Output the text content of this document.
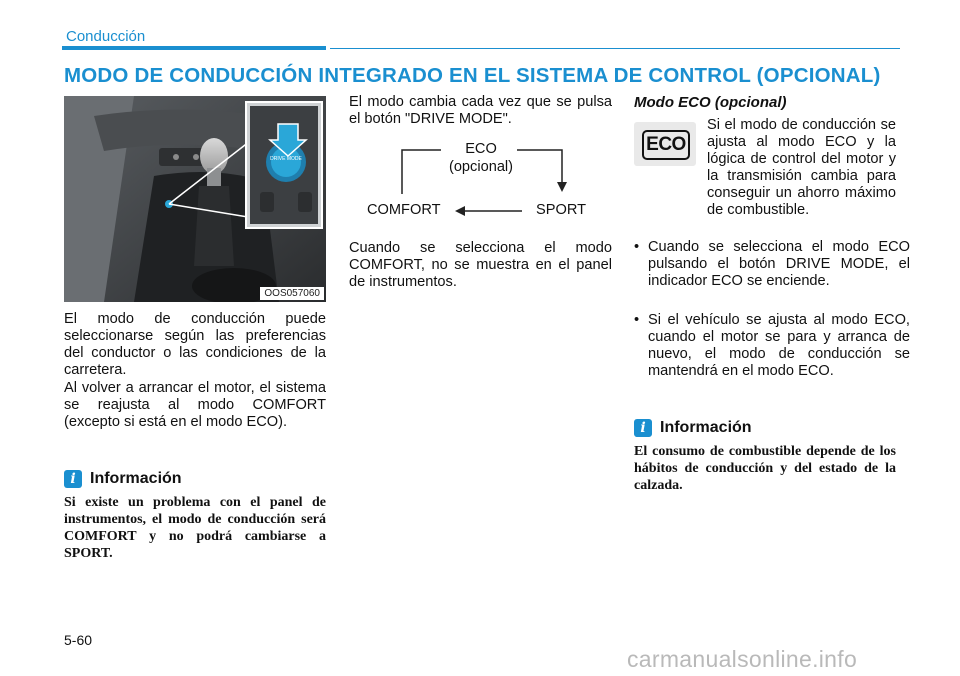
Conducción
MODO DE CONDUCCIÓN INTEGRADO EN EL SISTEMA DE CONTROL (OPCIONAL)
DRIVE MODE
OOS057060

El modo de conducción puede seleccionarse según las preferencias del conductor o las condiciones de la carretera.

Al volver a arrancar el motor, el sistema se reajusta al modo COMFORT (excepto si está en el modo ECO).

i Información

Si existe un problema con el panel de instrumentos, el modo de conducción será COMFORT y no podrá cambiarse a SPORT.

El modo cambia cada vez que se pulsa el botón "DRIVE MODE".

ECO
(opcional)
COMFORT	SPORT

Cuando se selecciona el modo COMFORT, no se muestra en el panel de instrumentos.

Modo ECO (opcional)
ECO

Si el modo de conducción se ajusta al modo ECO y la lógica de control del motor y la transmisión cambia para conseguir un ahorro máximo de combustible.

• Cuando se selecciona el modo ECO pulsando el botón DRIVE MODE, el indicador ECO se enciende.

• Si el vehículo se ajusta al modo ECO, cuando el motor se para y arranca de nuevo, el modo de conducción se mantendrá en el modo ECO.

i Información

El consumo de combustible depende de los hábitos de conducción y del estado de la calzada.

5-60
carmanualsonline.info
